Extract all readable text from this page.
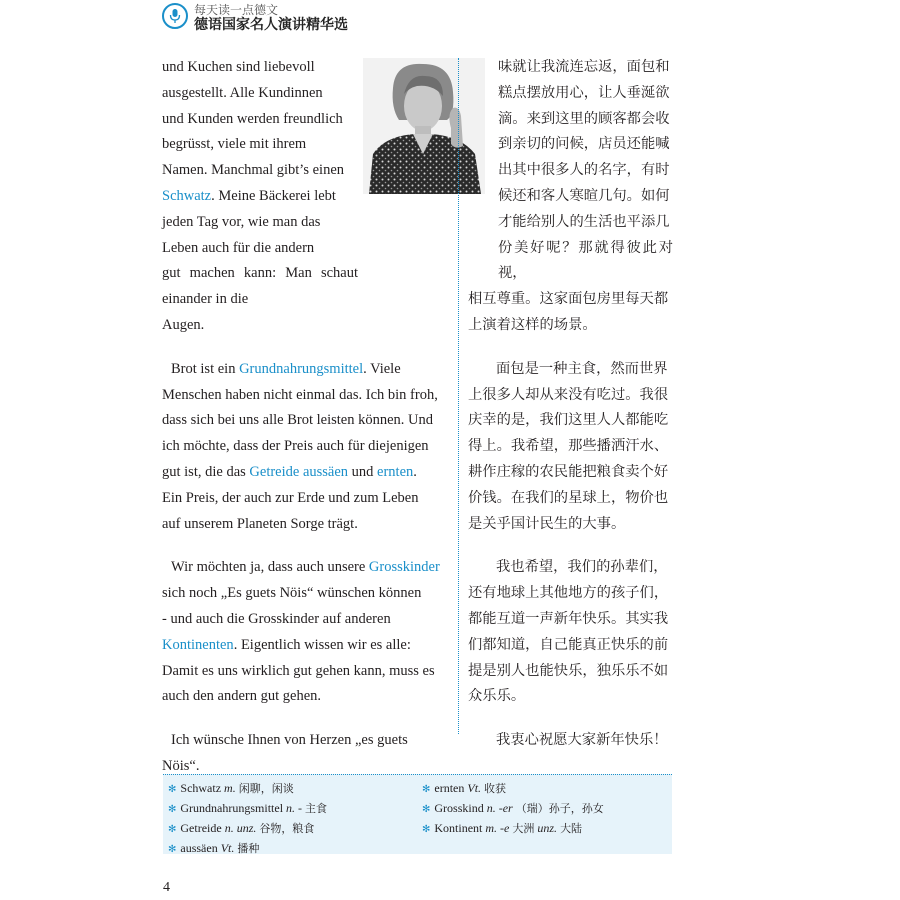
每天读一点德文
德语国家名人演讲精华选

und Kuchen sind liebevoll
ausgestellt. Alle Kundinnen
und Kunden werden freundlich
begrüsst, viele mit ihrem
Namen. Manchmal gibt’s einen
Schwatz. Meine Bäckerei lebt
jeden Tag vor, wie man das
Leben auch für die andern
gut machen kann: Man schaut einander in die
Augen.

Brot ist ein Grundnahrungsmittel. Viele
Menschen haben nicht einmal das. Ich bin froh,
dass sich bei uns alle Brot leisten können. Und
ich möchte, dass der Preis auch für diejenigen
gut ist, die das Getreide aussäen und ernten.
Ein Preis, der auch zur Erde und zum Leben
auf unserem Planeten Sorge trägt.

Wir möchten ja, dass auch unsere Grosskinder
sich noch „Es guets Nöis“ wünschen können
- und auch die Grosskinder auf anderen
Kontinenten. Eigentlich wissen wir es alle:
Damit es uns wirklich gut gehen kann, muss es
auch den andern gut gehen.

Ich wünsche Ihnen von Herzen „es guets
Nöis“.

味就让我流连忘返，面包和
糕点摆放用心，让人垂涎欲
滴。来到这里的顾客都会收
到亲切的问候，店员还能喊
出其中很多人的名字，有时
候还和客人寒暄几句。如何
才能给别人的生活也平添几
份美好呢？那就得彼此对视，
相互尊重。这家面包房里每天都
上演着这样的场景。

面包是一种主食，然而世界
上很多人却从来没有吃过。我很
庆幸的是，我们这里人人都能吃
得上。我希望，那些播洒汗水、
耕作庄稼的农民能把粮食卖个好
价钱。在我们的星球上，物价也
是关乎国计民生的大事。

我也希望，我们的孙辈们，
还有地球上其他地方的孩子们，
都能互道一声新年快乐。其实我
们都知道，自己能真正快乐的前
提是别人也能快乐，独乐乐不如
众乐乐。

我衷心祝愿大家新年快乐！

✻ Schwatz m. 闲聊，闲谈
✻ Grundnahrungsmittel n. - 主食
✻ Getreide n. unz. 谷物，粮食
✻ aussäen Vt. 播种
✻ ernten Vt. 收获
✻ Grosskind n. -er （瑞）孙子，孙女
✻ Kontinent m. -e 大洲 unz. 大陆
4
